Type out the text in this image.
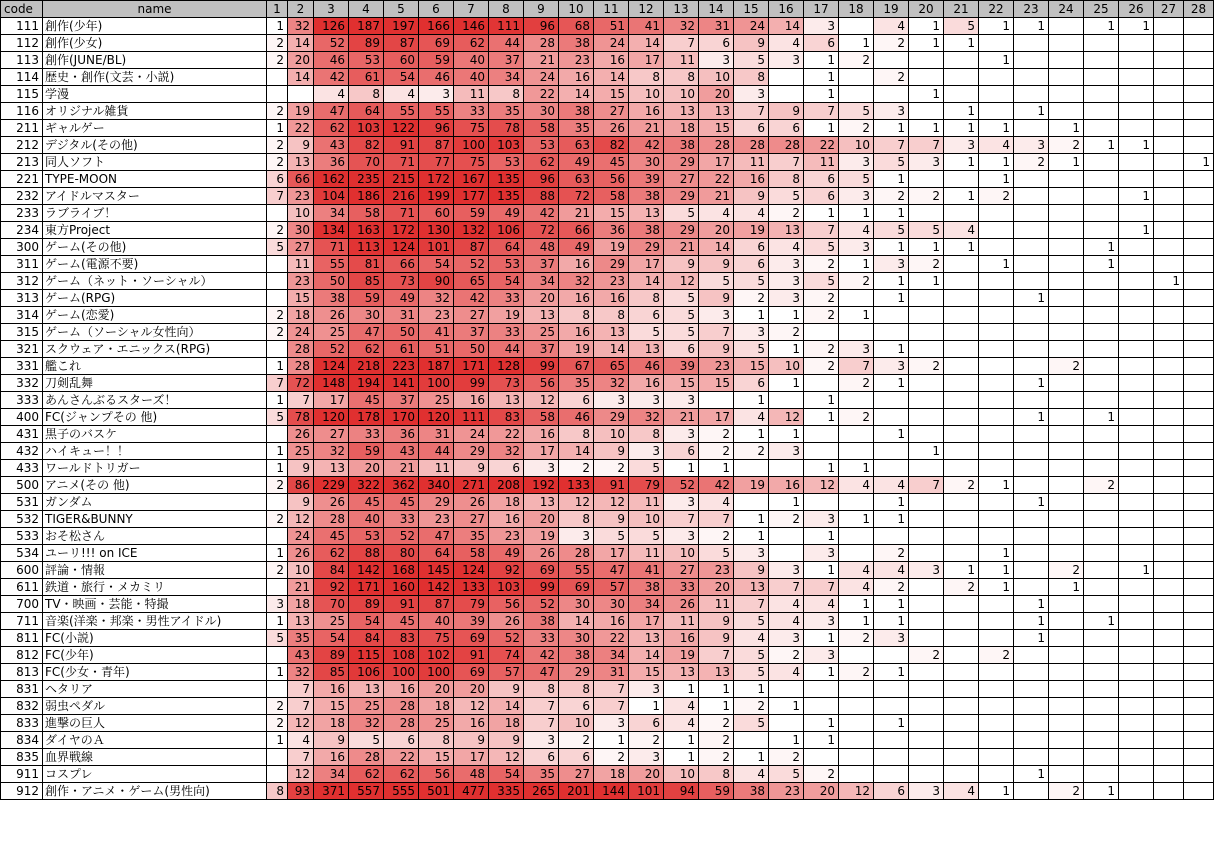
code	name	1	2	3	4	5	6	7	8	9	10	11	12	13	14	15	16	17	18	19	20	21	22	23	24	25	26	27	28
111	創作(少年)	1	32	126	187	197	166	146	111	96	68	51	41	32	31	24	14	3		4	1	5	1	1		1	1		
112	創作(少女)	2	14	52	89	87	69	62	44	28	38	24	14	7	6	9	4	6	1	2	1	1							
113	創作(JUNE/BL)	2	20	46	53	60	59	40	37	21	23	16	17	11	3	5	3	1	2				1						
114	歴史・創作(文芸・小説)		14	42	61	54	46	40	34	24	16	14	8	8	10	8		1		2									
115	学漫			4	8	4	3	11	8	22	14	15	10	10	20	3		1			1								
116	オリジナル雑貨	2	19	47	64	55	55	33	35	30	38	27	16	13	13	7	9	7	5	3		1		1					
211	ギャルゲー	1	22	62	103	122	96	75	78	58	35	26	21	18	15	6	6	1	2	1	1	1	1		1				
212	デジタル(その他)	2	9	43	82	91	87	100	103	53	63	82	42	38	28	28	28	22	10	7	7	3	4	3	2	1	1		
213	同人ソフト	2	13	36	70	71	77	75	53	62	49	45	30	29	17	11	7	11	3	5	3	1	1	2	1				1
221	TYPE-MOON	6	66	162	235	215	172	167	135	96	63	56	39	27	22	16	8	6	5	1			1						
232	アイドルマスター	7	23	104	186	216	199	177	135	88	72	58	38	29	21	9	5	6	3	2	2	1	2				1		
233	ラブライブ！		10	34	58	71	60	59	49	42	21	15	13	5	4	4	2	1	1	1									
234	東方Project	2	30	134	163	172	130	132	106	72	66	36	38	29	20	19	13	7	4	5	5	4					1		
300	ゲーム(その他)	5	27	71	113	124	101	87	64	48	49	19	29	21	14	6	4	5	3	1	1	1				1			
311	ゲーム(電源不要)		11	55	81	66	54	52	53	37	16	29	17	9	9	6	3	2	1	3	2		1			1			
312	ゲーム（ネット・ソーシャル）		23	50	85	73	90	65	54	34	32	23	14	12	5	5	3	5	2	1	1							1	
313	ゲーム(RPG)		15	38	59	49	32	42	33	20	16	16	8	5	9	2	3	2		1				1					
314	ゲーム(恋愛)	2	18	26	30	31	23	27	19	13	8	8	6	5	3	1	1	2	1										
315	ゲーム（ソーシャル女性向）	2	24	25	47	50	41	37	33	25	16	13	5	5	7	3	2												
321	スクウェア・エニックス(RPG)		28	52	62	61	51	50	44	37	19	14	13	6	9	5	1	2	3	1									
331	艦これ	1	28	124	218	223	187	171	128	99	67	65	46	39	23	15	10	2	7	3	2				2				
332	刀剣乱舞	7	72	148	194	141	100	99	73	56	35	32	16	15	15	6	1		2	1				1					
333	あんさんぶるスターズ！	1	7	17	45	37	25	16	13	12	6	3	3	3		1		1											
400	FC(ジャンプその 他)	5	78	120	178	170	120	111	83	58	46	29	32	21	17	4	12	1	2					1		1			
431	黒子のバスケ		26	27	33	36	31	24	22	16	8	10	8	3	2	1	1			1									
432	ハイキュー！！	1	25	32	59	43	44	29	32	17	14	9	3	6	2	2	3				1								
433	ワールドトリガー	1	9	13	20	21	11	9	6	3	2	2	5	1	1			1	1										
500	アニメ(その 他)	2	86	229	322	362	340	271	208	192	133	91	79	52	42	19	16	12	4	4	7	2	1			2			
531	ガンダム		9	26	45	45	29	26	18	13	12	12	11	3	4		1			1				1					
532	TIGER&BUNNY	2	12	28	40	33	23	27	16	20	8	9	10	7	7	1	2	3	1	1									
533	おそ松さん		24	45	53	52	47	35	23	19	3	5	5	3	2	1		1											
534	ユーリ!!! on ICE	1	26	62	88	80	64	58	49	26	28	17	11	10	5	3		3		2			1						
600	評論・情報	2	10	84	142	168	145	124	92	69	55	47	41	27	23	9	3	1	4	4	3	1	1		2		1		
611	鉄道・旅行・メカミリ		21	92	171	160	142	133	103	99	69	57	38	33	20	13	7	7	4	2		2	1		1				
700	TV・映画・芸能・特撮	3	18	70	89	91	87	79	56	52	30	30	34	26	11	7	4	4	1	1				1					
711	音楽(洋楽・邦楽・男性アイドル)	1	13	25	54	45	40	39	26	38	14	16	17	11	9	5	4	3	1	1				1		1			
811	FC(小説)	5	35	54	84	83	75	69	52	33	30	22	13	16	9	4	3	1	2	3				1					
812	FC(少年)		43	89	115	108	102	91	74	42	38	34	14	19	7	5	2	3			2		2						
813	FC(少女・青年)	1	32	85	106	100	100	69	57	47	29	31	15	13	13	5	4	1	2	1									
831	ヘタリア		7	16	13	16	20	20	9	8	8	7	3	1	1	1													
832	弱虫ペダル	2	7	15	25	28	18	12	14	7	6	7	1	4	1	2	1												
833	進撃の巨人	2	12	18	32	28	25	16	18	7	10	3	6	4	2	5		1		1									
834	ダイヤのＡ	1	4	9	5	6	8	9	9	3	2	1	2	1	2		1	1											
835	血界戦線		7	16	28	22	15	17	12	6	6	2	3	1	2	1	2												
911	コスプレ		12	34	62	62	56	48	54	35	27	18	20	10	8	4	5	2						1					
912	創作・アニメ・ゲーム(男性向)	8	93	371	557	555	501	477	335	265	201	144	101	94	59	38	23	20	12	6	3	4	1		2	1			
